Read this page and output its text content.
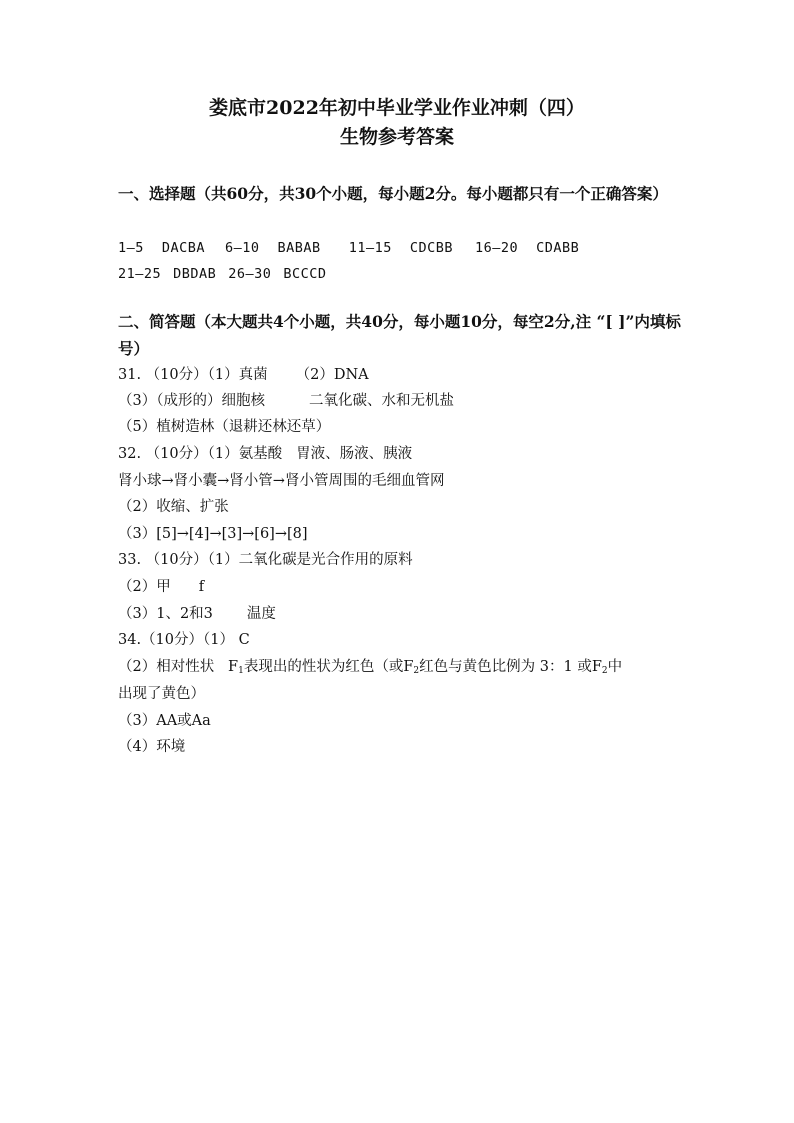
娄底市2022年初中毕业学业作业冲刺（四）
生物参考答案
一、选择题（共60分，共30个小题，每小题2分。每小题都只有一个正确答案）
1—5 DACBA 6—10 BABAB 11—15 CDCBB 16—20 CDABB
21—25 DBDAB 26—30 BCCCD
二、简答题（本大题共4个小题，共40分，每小题10分，每空2分,注 “[ ]”内填标号）
31. （10分）（1）真菌 （2）DNA
（3）（成形的）细胞核	二氧化碳、水和无机盐
（5）植树造林（退耕还林还草）
32. （10分）（1）氨基酸 胃液、肠液、胰液
肾小球→肾小囊→肾小管→肾小管周围的毛细血管网
（2）收缩、扩张
（3）[5]→[4]→[3]→[6]→[8]
33. （10分）（1）二氧化碳是光合作用的原料
（2）甲 f
（3）1、2和3 温度
34.（10分）（1） C
（2）相对性状   $F_1$表现出的性状为红色（或$F_2$红色与黄色比例为 3：1 或$F_2$中
出现了黄色）
（3）AA或Aa
（4）环境
